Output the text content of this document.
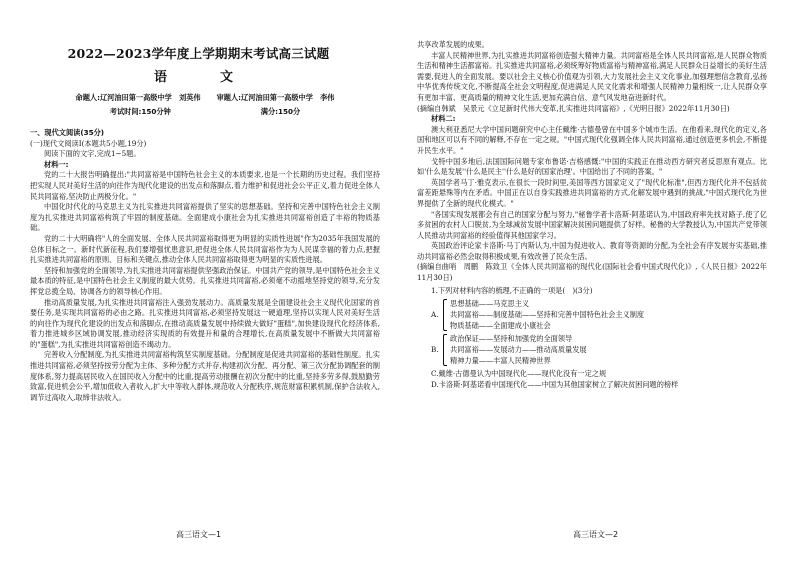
2022—2023学年度上学期期末考试高三试题
语　文
命题人:辽河油田第一高级中学　刘英伟 审题人:辽河油田第一高级中学　李伟
考试时间:150分钟	满分:150分
一、现代文阅读(35分)
(一)现代文阅读Ⅰ(本题共5小题,19分)
阅读下面的文字,完成1~5题。
材料一:
党的二十大报告明确提出:"共同富裕是中国特色社会主义的本质要求,也是一个长期的历史过程。我们坚持把实现人民对美好生活的向往作为现代化建设的出发点和落脚点,着力维护和促进社会公平正义,着力促进全体人民共同富裕,坚决防止两极分化。"
中国化时代化的马克思主义为扎实推进共同富裕提供了坚实的思想基础。坚持和完善中国特色社会主义制度为扎实推进共同富裕构筑了牢固的制度基础。全面建成小康社会为扎实推进共同富裕创造了丰裕的物质基础。
党的二十大明确将"人的全面发展、全体人民共同富裕取得更为明显的实质性进展"作为2035年我国发展的总体目标之一。新时代新征程,我们要增强忧患意识,把促进全体人民共同富裕作为为人民谋幸福的着力点,把握扎实推进共同富裕的原则、目标和关键点,推动全体人民共同富裕取得更为明显的实质性进展。
坚持和加强党的全面领导,为扎实推进共同富裕提供坚强政治保证。中国共产党的领导,是中国特色社会主义最本质的特征,是中国特色社会主义制度的最大优势。扎实推进共同富裕,必须毫不动摇地坚持党的领导,充分发挥党总揽全局、协调各方的领导核心作用。
推动高质量发展,为扎实推进共同富裕注入强劲发展动力。高质量发展是全面建设社会主义现代化国家的首要任务,是实现共同富裕的必由之路。扎实推进共同富裕,必须坚持发展这一硬道理,坚持以实现人民对美好生活的向往作为现代化建设的出发点和落脚点,在推动高质量发展中持续做大做好"蛋糕",加快建设现代化经济体系,着力推进城乡区域协调发展,推动经济实现质的有效提升和量的合理增长,在高质量发展中不断做大共同富裕的"蛋糕",为扎实推进共同富裕创造不竭动力。
完善收入分配制度,为扎实推进共同富裕构筑坚实制度基础。分配制度是促进共同富裕的基础性制度。扎实推进共同富裕,必须坚持按劳分配为主体、多种分配方式并存,构建初次分配、再分配、第三次分配协调配套的制度体系,努力提高居民收入在国民收入分配中的比重,提高劳动报酬在初次分配中的比重,坚持多劳多得,鼓励勤劳致富,促进机会公平,增加低收入者收入,扩大中等收入群体,规范收入分配秩序,规范财富积累机制,保护合法收入,调节过高收入,取缔非法收入。
高三语文—1
共享改革发展的成果。
丰富人民精神世界,为扎实推进共同富裕创造强大精神力量。共同富裕是全体人民共同富裕,是人民群众物质生活和精神生活都富裕。扎实推进共同富裕,必须统筹好物质富裕与精神富裕,满足人民群众日益增长的美好生活需要,促进人的全面发展。要以社会主义核心价值观为引领,大力发展社会主义文化事业,加强理想信念教育,弘扬中华优秀传统文化,不断提高全社会文明程度,促进满足人民文化需求和增强人民精神力量相统一,让人民群众享有更加丰富、更高质量的精神文化生活,更加充满自信、意气风发地奋进新时代。
(摘编自韩斌　吴景元《立足新时代伟大变革,扎实推进共同富裕》,《光明日报》2022年11月30日)
材料二:
澳大利亚悉尼大学中国问题研究中心主任戴维·古德曼曾在中国多个城市生活。在他看来,现代化的定义,各国和地区可以有不同的解释,不存在一定之规。"中国式现代化强调全体人民共同富裕,通过创造更多机会,不断提升民生水平。"
戈特中国多地后,法国国际问题专家布鲁诺·吉格感慨:"中国的实践正在推动西方研究者反思原有观点。比如'什么是发展''什么是民主''什么是好的国家治理'。中国给出了不同的答案。"
英国学者马丁·雅克表示,在很长一段时间里,美国等西方国家定义了"现代化标准",但西方现代化并不包括贫富差距悬殊等内在矛盾。中国正在以自身实践推进共同富裕的方式,化解发展中遇到的挑战,"中国式现代化为世界提供了全新的现代化模式。"
"各国实现发展都会有自己的国家分配与努力,"秘鲁学者卡洛斯·阿基诺认为,中国政府率先找对路子,使了亿多贫困的农村人口脱贫,为全球减贫发展中国家解决贫困问题提供了好样。秘鲁的大学教授认为,中国共产党带领人民推动共同富裕的经验值得其他国家学习。
英国政治评论家卡洛斯·马丁内斯认为,中国为促进收入、教育等资源的分配,为全社会有序发展夯实基础,推动共同富裕必然会取得积极成果,有效改善了民众生活。
(摘编自曲哨　周鹏　陈致卫《全体人民共同富裕的现代化(国际社会看中国式现代化)》,《人民日报》2022年11月30日)
1.下列对材料内容的梳理,不正确的一项是(　)(3分)
A.
思想基础——马克思主义
共同富裕——制度基础——坚持和完善中国特色社会主义制度
物质基础——全面建成小康社会
B.
政治保证——坚持和加强党的全面领导
共同富裕——发展动力——推动高质量发展
精神力量——丰富人民精神世界
C.戴维·古德曼认为中国现代化——现代化没有一定之规
D.卡洛斯·阿基诺看中国现代化——中国为其他国家树立了解决贫困问题的榜样
高三语文—2
